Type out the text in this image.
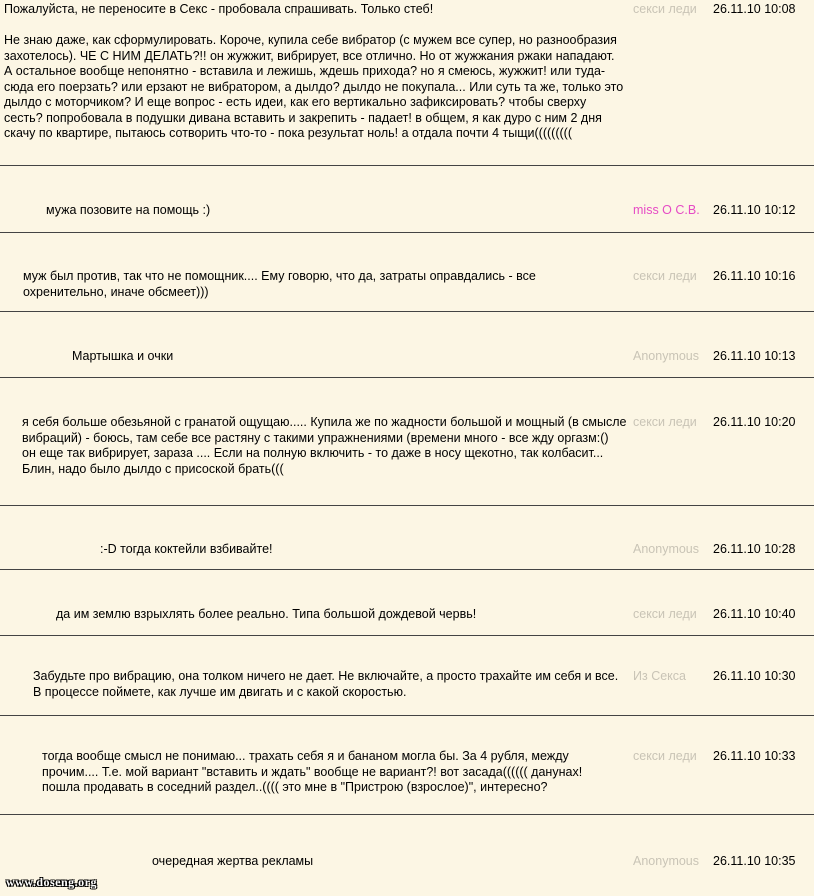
Пожалуйста, не переносите в Секс - пробовала спрашивать. Только стеб!

Не знаю даже, как сформулировать. Короче, купила себе вибратор (с мужем все супер, но разнообразия захотелось). ЧЕ С НИМ ДЕЛАТЬ?!! он жужжит, вибрирует, все отлично. Но от жужжания ржаки нападают. А остальное вообще непонятно - вставила и лежишь, ждешь прихода? но я смеюсь, жужжит! или туда-сюда его поерзать? или ерзают не вибратором, а дылдо? дылдо не покупала... Или суть та же, только это дылдо с моторчиком? И еще вопрос - есть идеи, как его вертикально зафиксировать? чтобы сверху сесть? попробовала в подушки дивана вставить и закрепить - падает! в общем, я как дуро с ним 2 дня скачу по квартире, пытаюсь сотворить что-то - пока результат ноль! а отдала почти 4 тыщи(((((((((
секси леди	26.11.10 10:08
мужа позовите на помощь :)	miss O C.B.	26.11.10 10:12
муж был против, так что не помощник.... Ему говорю, что да, затраты оправдались - все охренительно, иначе обсмеет)))
секси леди	26.11.10 10:16
Мартышка и очки	Anonymous	26.11.10 10:13
я себя больше обезьяной с гранатой ощущаю..... Купила же по жадности большой и мощный (в смысле вибраций) - боюсь, там себе все растяну с такими упражнениями (времени много - все жду оргазм:()
он еще так вибрирует, зараза .... Если на полную включить - то даже в носу щекотно, так колбасит...
Блин, надо было дылдо с присоской брать(((
секси леди	26.11.10 10:20
:-D тогда коктейли взбивайте!	Anonymous	26.11.10 10:28
да им землю взрыхлять более реально. Типа большой дождевой червь!	секси леди	26.11.10 10:40
Забудьте про вибрацию, она толком ничего не дает. Не включайте, а просто трахайте им себя и все. В процессе поймете, как лучше им двигать и с какой скоростью.
Из Секса	26.11.10 10:30
тогда вообще смысл не понимаю... трахать себя я и бананом могла бы. За 4 рубля, между прочим.... Т.е. мой вариант "вставить и ждать" вообще не вариант?! вот засада(((((( данунах! пошла продавать в соседний раздел..(((( это мне в "Пристрою (взрослое)", интересно?
секси леди	26.11.10 10:33
очередная жертва рекламы	Anonymous	26.11.10 10:35
www.doseng.org
